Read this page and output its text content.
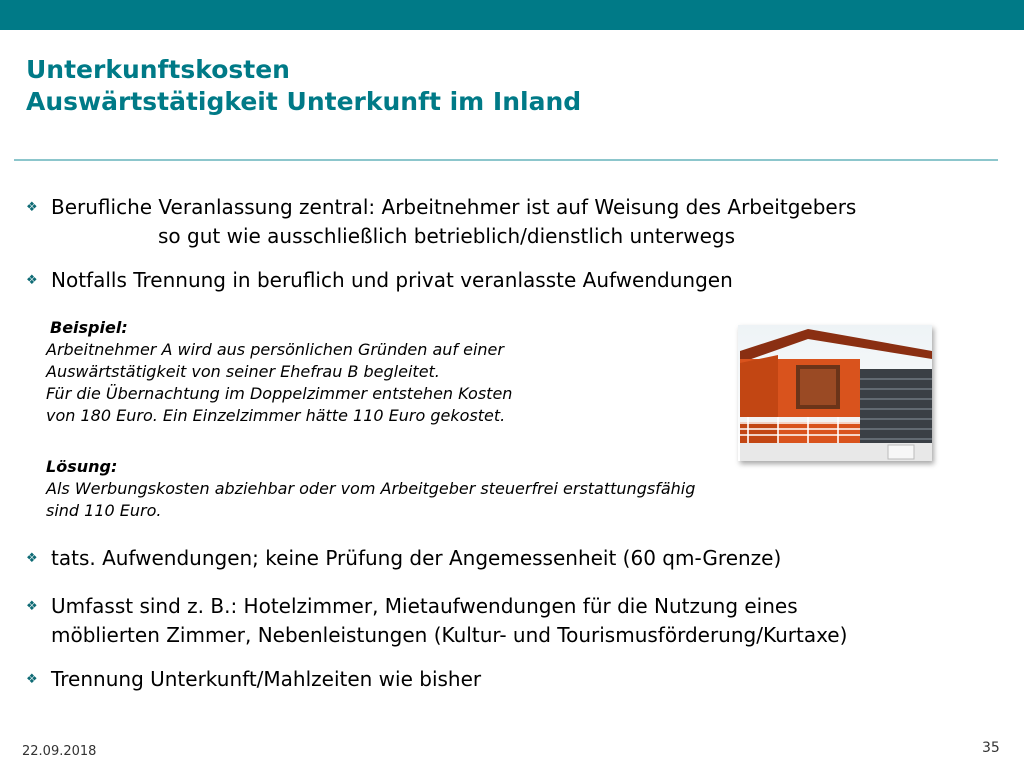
Unterkunftskosten
Auswärtstätigkeit Unterkunft im Inland
❖ Berufliche Veranlassung zentral: Arbeitnehmer ist auf Weisung des Arbeitgebers
so gut wie ausschließlich betrieblich/dienstlich unterwegs
❖ Notfalls Trennung in beruflich und privat veranlasste Aufwendungen
Beispiel:
Arbeitnehmer A wird aus persönlichen Gründen auf einer
Auswärtstätigkeit von seiner Ehefrau B begleitet.
Für die Übernachtung im Doppelzimmer entstehen Kosten
von 180 Euro. Ein Einzelzimmer hätte 110 Euro gekostet.
Lösung:
Als Werbungskosten abziehbar oder vom Arbeitgeber steuerfrei erstattungsfähig
sind 110 Euro.
❖ tats. Aufwendungen; keine Prüfung der Angemessenheit (60 qm-Grenze)
❖ Umfasst sind z. B.: Hotelzimmer, Mietaufwendungen für die Nutzung eines
möblierten Zimmer, Nebenleistungen (Kultur- und Tourismusförderung/Kurtaxe)
❖ Trennung Unterkunft/Mahlzeiten wie bisher
22.09.2018	35
